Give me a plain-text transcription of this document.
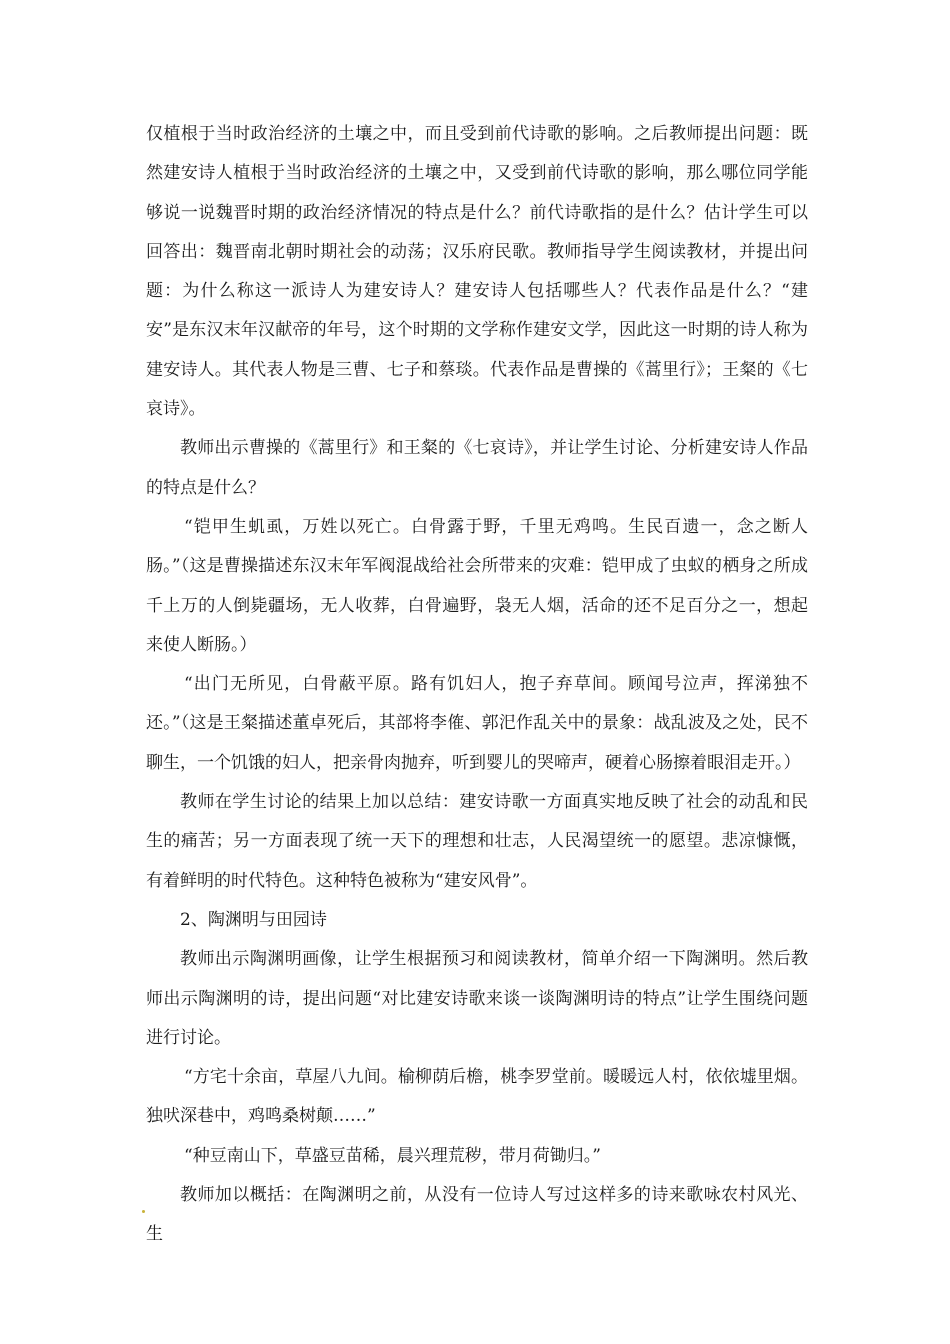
仅植根于当时政治经济的土壤之中，而且受到前代诗歌的影响。之后教师提出问题：既然建安诗人植根于当时政治经济的土壤之中，又受到前代诗歌的影响，那么哪位同学能够说一说魏晋时期的政治经济情况的特点是什么？前代诗歌指的是什么？估计学生可以回答出：魏晋南北朝时期社会的动荡；汉乐府民歌。教师指导学生阅读教材，并提出问题：为什么称这一派诗人为建安诗人？建安诗人包括哪些人？代表作品是什么？“建安”是东汉末年汉献帝的年号，这个时期的文学称作建安文学，因此这一时期的诗人称为建安诗人。其代表人物是三曹、七子和蔡琰。代表作品是曹操的《蒿里行》；王粲的《七哀诗》。

教师出示曹操的《蒿里行》和王粲的《七哀诗》，并让学生讨论、分析建安诗人作品的特点是什么？

“铠甲生虮虱，万姓以死亡。白骨露于野，千里无鸡鸣。生民百遗一，念之断人肠。”（这是曹操描述东汉末年军阀混战给社会所带来的灾难：铠甲成了虫蚁的栖身之所成千上万的人倒毙疆场，无人收葬，白骨遍野，袅无人烟，活命的还不足百分之一，想起来使人断肠。）

“出门无所见，白骨蔽平原。路有饥妇人，抱子弃草间。顾闻号泣声，挥涕独不还。”（这是王粲描述董卓死后，其部将李傕、郭汜作乱关中的景象：战乱波及之处，民不聊生，一个饥饿的妇人，把亲骨肉抛弃，听到婴儿的哭啼声，硬着心肠擦着眼泪走开。）

教师在学生讨论的结果上加以总结：建安诗歌一方面真实地反映了社会的动乱和民生的痛苦；另一方面表现了统一天下的理想和壮志，人民渴望统一的愿望。悲凉慷慨，有着鲜明的时代特色。这种特色被称为“建安风骨”。

2、陶渊明与田园诗

教师出示陶渊明画像，让学生根据预习和阅读教材，简单介绍一下陶渊明。然后教师出示陶渊明的诗，提出问题“对比建安诗歌来谈一谈陶渊明诗的特点”让学生围绕问题进行讨论。

“方宅十余亩，草屋八九间。榆柳荫后檐，桃李罗堂前。暖暖远人村，依依墟里烟。独吠深巷中，鸡鸣桑树颠……”

“种豆南山下，草盛豆苗稀，晨兴理荒秽，带月荷锄归。”

教师加以概括：在陶渊明之前，从没有一位诗人写过这样多的诗来歌咏农村风光、生
